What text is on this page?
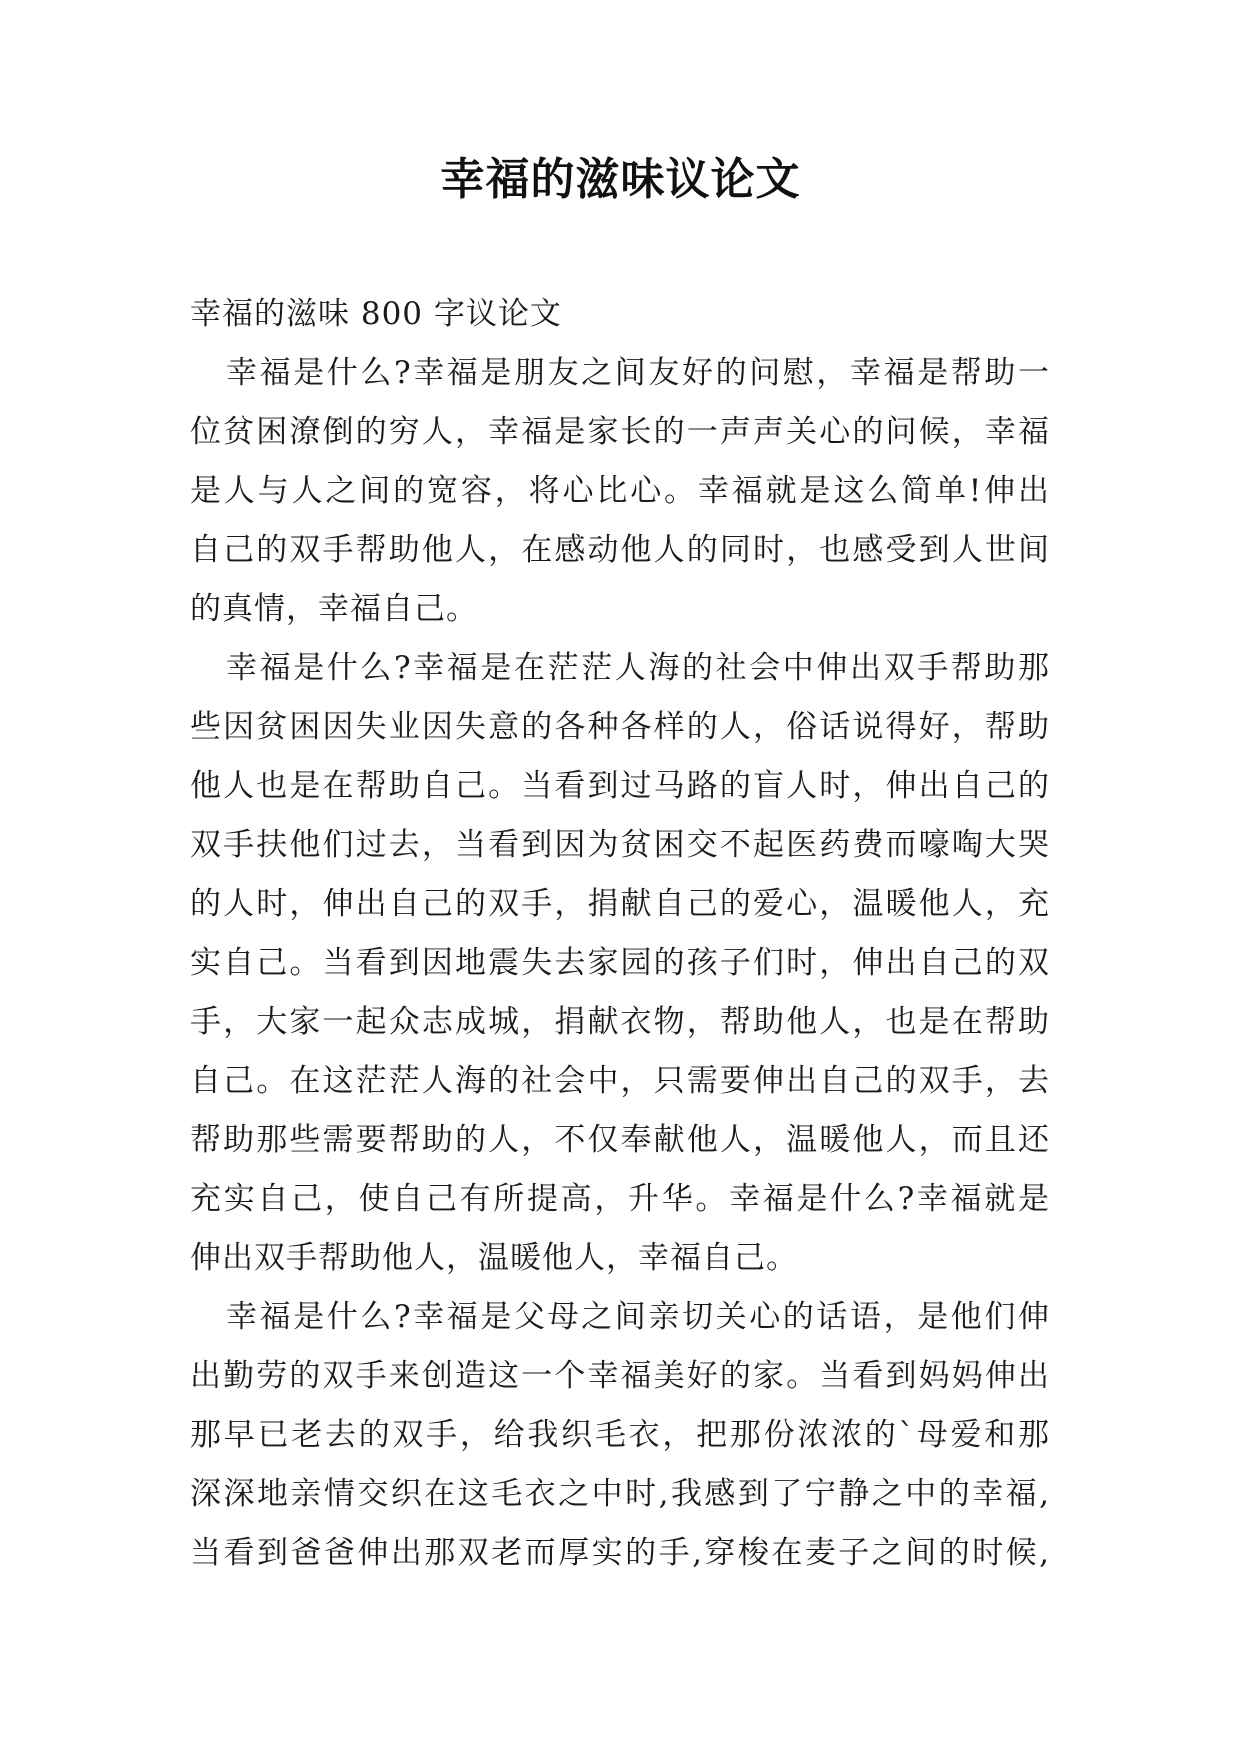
幸福的滋味议论文
幸福的滋味 800 字议论文
幸福是什么?幸福是朋友之间友好的问慰，幸福是帮助一
位贫困潦倒的穷人，幸福是家长的一声声关心的问候，幸福
是人与人之间的宽容，将心比心。幸福就是这么简单!伸出
自己的双手帮助他人，在感动他人的同时，也感受到人世间
的真情，幸福自己。
幸福是什么?幸福是在茫茫人海的社会中伸出双手帮助那
些因贫困因失业因失意的各种各样的人，俗话说得好，帮助
他人也是在帮助自己。当看到过马路的盲人时，伸出自己的
双手扶他们过去，当看到因为贫困交不起医药费而嚎啕大哭
的人时，伸出自己的双手，捐献自己的爱心，温暖他人，充
实自己。当看到因地震失去家园的孩子们时，伸出自己的双
手，大家一起众志成城，捐献衣物，帮助他人，也是在帮助
自己。在这茫茫人海的社会中，只需要伸出自己的双手，去
帮助那些需要帮助的人，不仅奉献他人，温暖他人，而且还
充实自己，使自己有所提高，升华。幸福是什么?幸福就是
伸出双手帮助他人，温暖他人，幸福自己。
幸福是什么?幸福是父母之间亲切关心的话语，是他们伸
出勤劳的双手来创造这一个幸福美好的家。当看到妈妈伸出
那早已老去的双手，给我织毛衣，把那份浓浓的`母爱和那
深深地亲情交织在这毛衣之中时,我感到了宁静之中的幸福,
当看到爸爸伸出那双老而厚实的手,穿梭在麦子之间的时候,
